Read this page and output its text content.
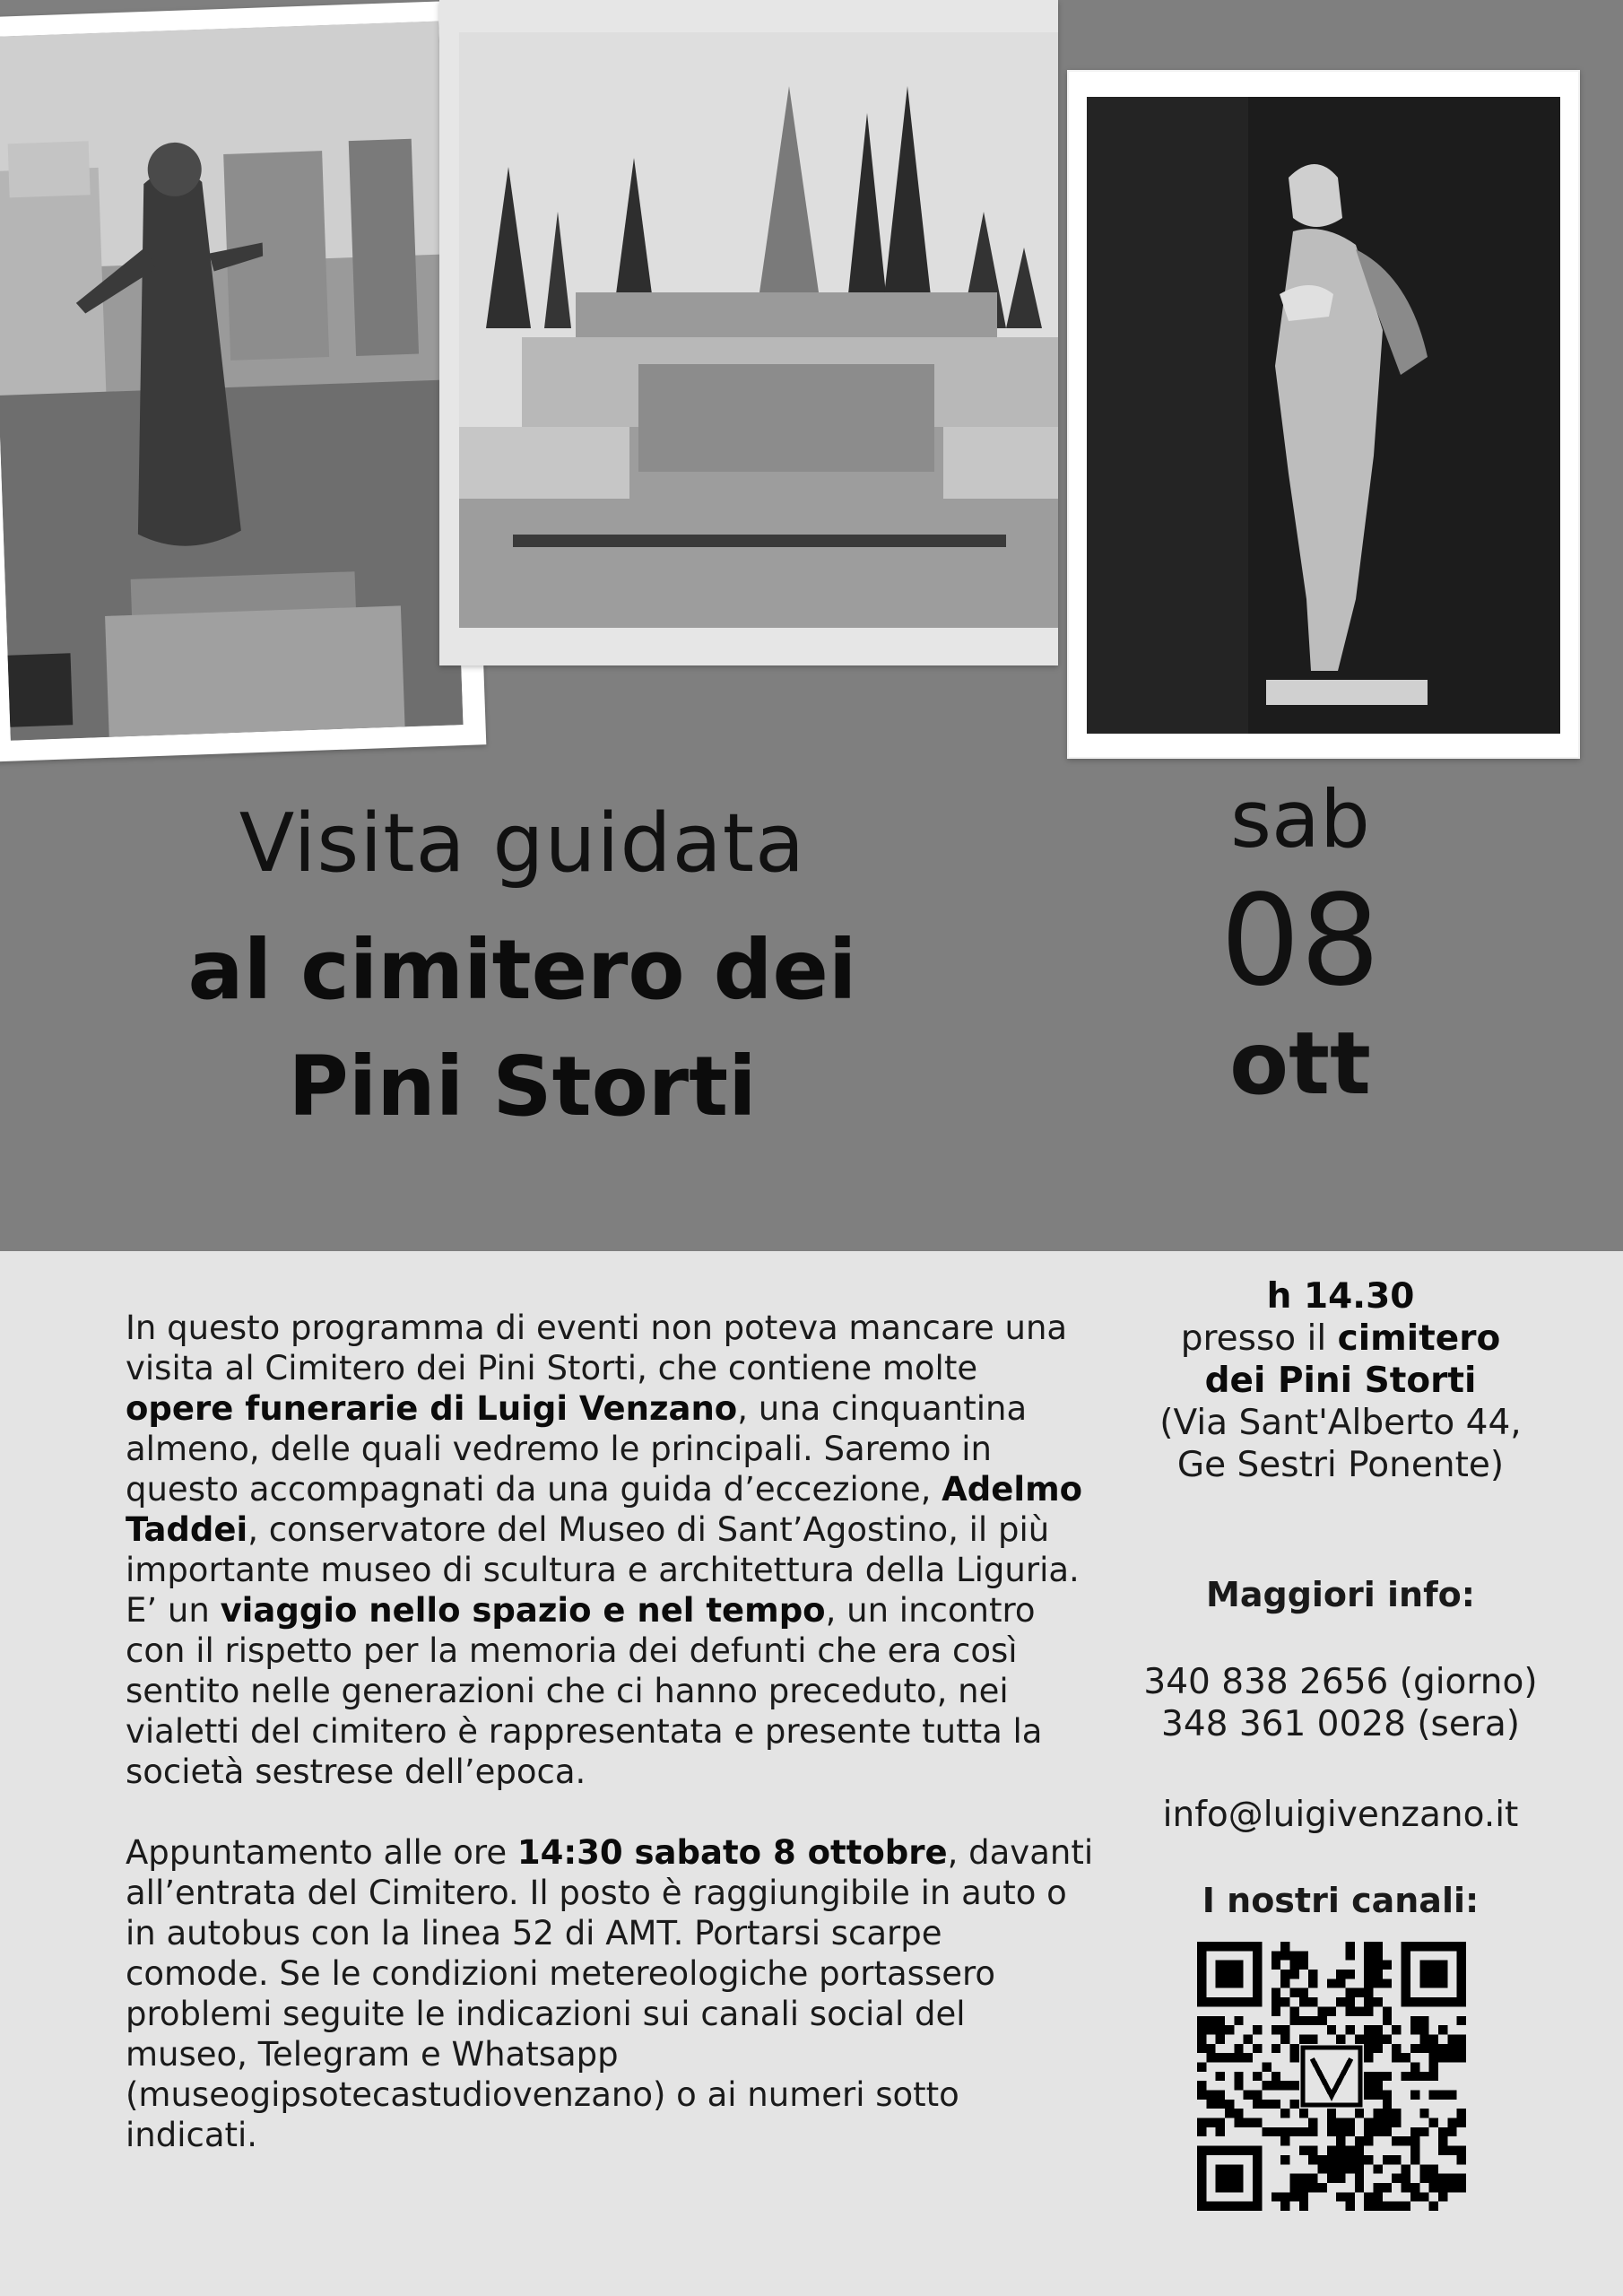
Visita guidata
al cimitero dei
Pini Storti
sab
08
ott

In questo programma di eventi non poteva mancare una visita al Cimitero dei Pini Storti, che contiene molte opere funerarie di Luigi Venzano, una cinquantina almeno, delle quali vedremo le principali. Saremo in questo accompagnati da una guida d’eccezione, Adelmo Taddei, conservatore del Museo di Sant’Agostino, il più importante museo di scultura e architettura della Liguria.
E’ un viaggio nello spazio e nel tempo, un incontro con il rispetto per la memoria dei defunti che era così sentito nelle generazioni che ci hanno preceduto, nei vialetti del cimitero è rappresentata e presente tutta la società sestrese dell’epoca.

Appuntamento alle ore 14:30 sabato 8 ottobre, davanti all’entrata del Cimitero. Il posto è raggiungibile in auto o in autobus con la linea 52 di AMT. Portarsi scarpe comode. Se le condizioni metereologiche portassero problemi seguite le indicazioni sui canali social del museo, Telegram e Whatsapp (museogipsotecastudiovenzano) o ai numeri sotto indicati.

h 14.30
presso il cimitero
dei Pini Storti
(Via Sant'Alberto 44,
Ge Sestri Ponente)
Maggiori info:
340 838 2656 (giorno)
348 361 0028 (sera)
info@luigivenzano.it
I nostri canali:
